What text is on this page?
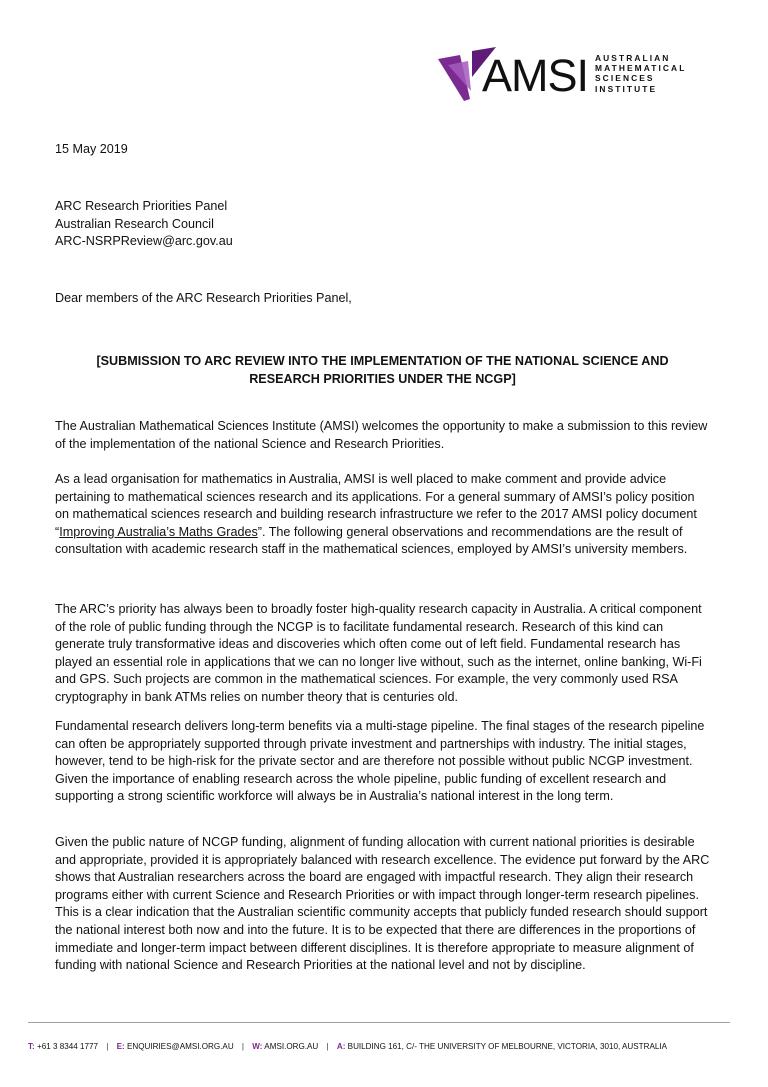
AMSI AUSTRALIAN
MATHEMATICAL
SCIENCES
INSTITUTE
15 May 2019
ARC Research Priorities Panel
Australian Research Council
ARC-NSRPReview@arc.gov.au
Dear members of the ARC Research Priorities Panel,
[SUBMISSION TO ARC REVIEW INTO THE IMPLEMENTATION OF THE NATIONAL SCIENCE AND
RESEARCH PRIORITIES UNDER THE NCGP]

The Australian Mathematical Sciences Institute (AMSI) welcomes the opportunity to make a submission to this review of the implementation of the national Science and Research Priorities.

As a lead organisation for mathematics in Australia, AMSI is well placed to make comment and provide advice pertaining to mathematical sciences research and its applications. For a general summary of AMSI’s policy position on mathematical sciences research and building research infrastructure we refer to the 2017 AMSI policy document “Improving Australia’s Maths Grades”. The following general observations and recommendations are the result of consultation with academic research staff in the mathematical sciences, employed by AMSI’s university members.

The ARC’s priority has always been to broadly foster high-quality research capacity in Australia. A critical component of the role of public funding through the NCGP is to facilitate fundamental research. Research of this kind can generate truly transformative ideas and discoveries which often come out of left field. Fundamental research has played an essential role in applications that we can no longer live without, such as the internet, online banking, Wi-Fi and GPS. Such projects are common in the mathematical sciences. For example, the very commonly used RSA cryptography in bank ATMs relies on number theory that is centuries old.

Fundamental research delivers long-term benefits via a multi-stage pipeline. The final stages of the research pipeline can often be appropriately supported through private investment and partnerships with industry. The initial stages, however, tend to be high-risk for the private sector and are therefore not possible without public NCGP investment. Given the importance of enabling research across the whole pipeline, public funding of excellent research and supporting a strong scientific workforce will always be in Australia’s national interest in the long term.

Given the public nature of NCGP funding, alignment of funding allocation with current national priorities is desirable and appropriate, provided it is appropriately balanced with research excellence. The evidence put forward by the ARC shows that Australian researchers across the board are engaged with impactful research. They align their research programs either with current Science and Research Priorities or with impact through longer-term research pipelines. This is a clear indication that the Australian scientific community accepts that publicly funded research should support the national interest both now and into the future. It is to be expected that there are differences in the proportions of immediate and longer-term impact between different disciplines. It is therefore appropriate to measure alignment of funding with national Science and Research Priorities at the national level and not by discipline.

T: +61 3 8344 1777 | E: ENQUIRIES@AMSI.ORG.AU | W: AMSI.ORG.AU | A: BUILDING 161, C/- THE UNIVERSITY OF MELBOURNE, VICTORIA, 3010, AUSTRALIA
